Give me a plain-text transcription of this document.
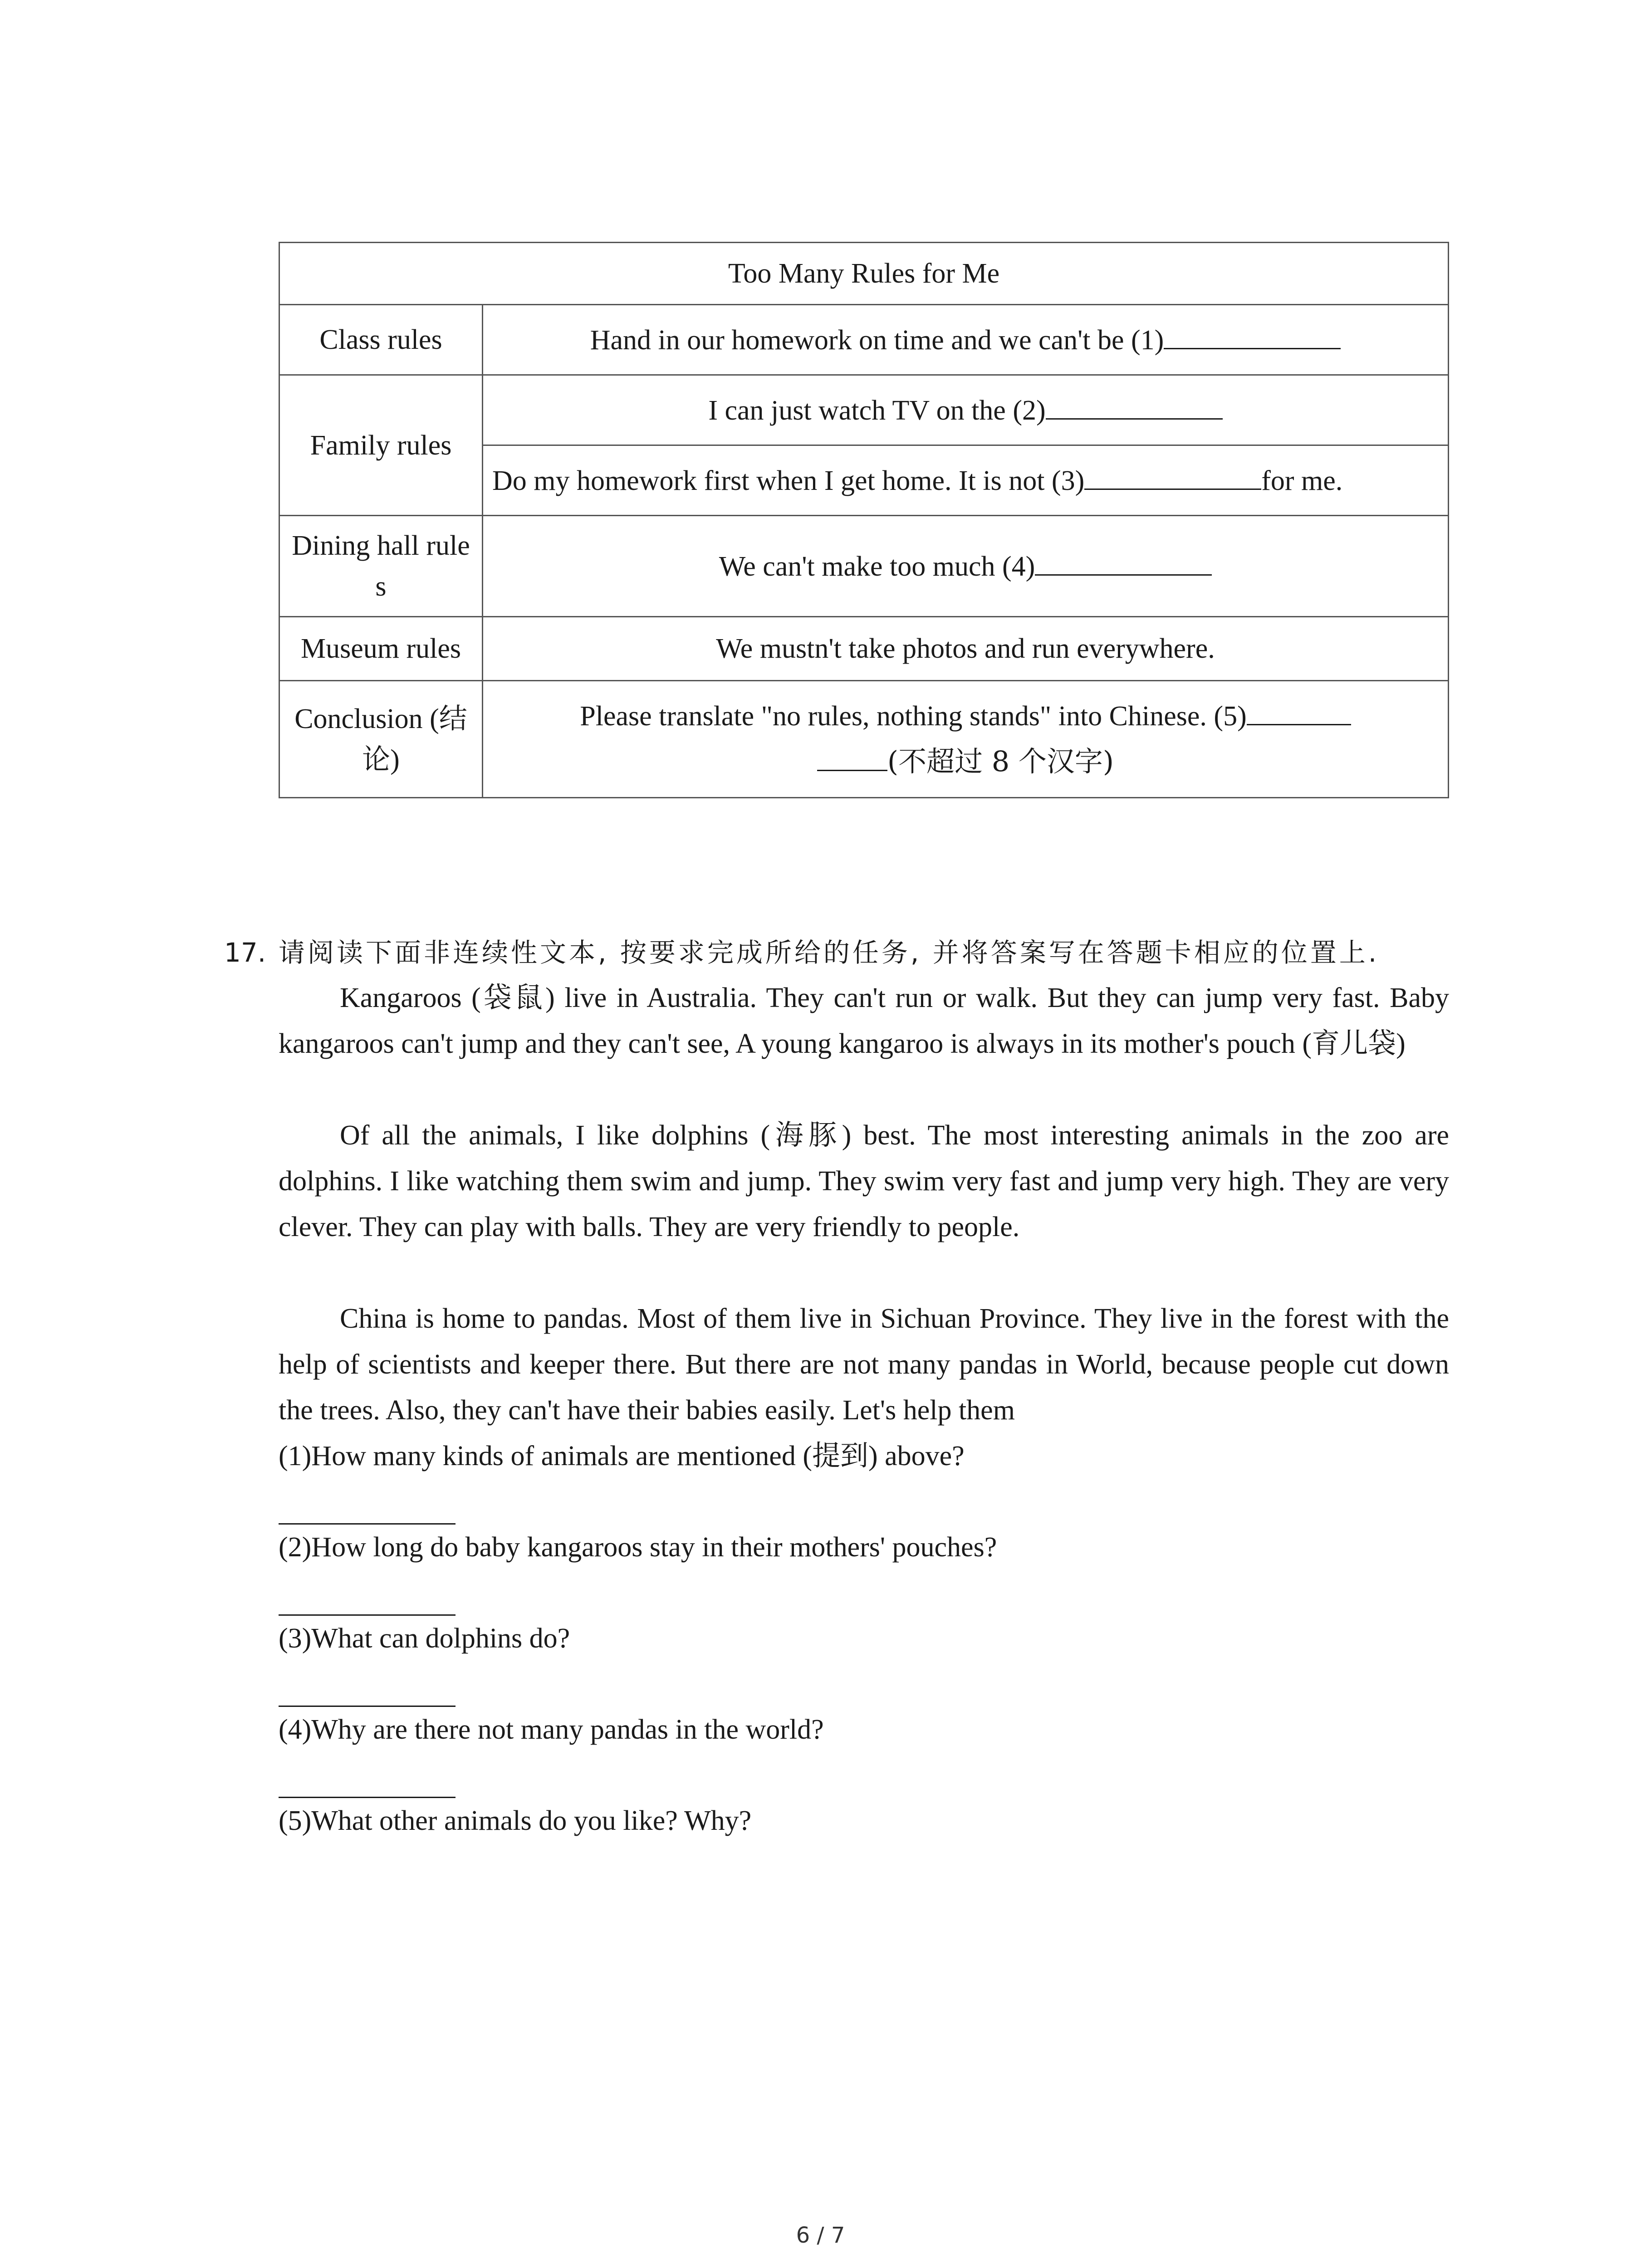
Too Many Rules for Me	
Class rules	Hand in our homework on time and we can't be (1)
Family rules	I can just watch TV on the (2)
	Do my homework first when I get home. It is not (3) for me.
Dining hall rule s	We can't make too much (4)
Museum rules	We mustn't take photos and run everywhere.
Conclusion (结论)	Please translate "no rules, nothing stands" into Chinese. (5)
(不超过 8 个汉字)
17. 请阅读下面非连续性文本, 按要求完成所给的任务, 并将答案写在答题卡相应的位置上.

Kangaroos (袋鼠) live in Australia. They can't run or walk. But they can jump very fast. Baby kangaroos can't jump and they can't see, A young kangaroo is always in its mother's pouch (育儿袋)

Of all the animals, I like dolphins (海豚) best. The most interesting animals in the zoo are dolphins. I like watching them swim and jump. They swim very fast and jump very high. They are very clever. They can play with balls. They are very friendly to people.

China is home to pandas. Most of them live in Sichuan Province. They live in the forest with the help of scientists and keeper there. But there are not many pandas in World, because people cut down the trees. Also, they can't have their babies easily. Let's help them

(1)How many kinds of animals are mentioned (提到) above?

(2)How long do baby kangaroos stay in their mothers' pouches?

(3)What can dolphins do?

(4)Why are there not many pandas in the world?

(5)What other animals do you like? Why?

6 / 7
